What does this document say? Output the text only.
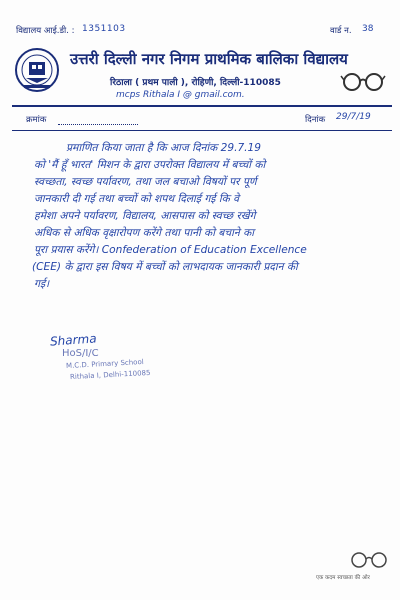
विद्यालय आई.डी. : 1351103	वार्ड न. 38
उत्तरी दिल्ली नगर निगम प्राथमिक बालिका विद्यालय
रिठाला ( प्रथम पाली ), रोहिणी, दिल्ली-110085
mcps Rithala I @ gmail.com.
क्रमांक	दिनांक 29/7/19
प्रमाणित किया जाता है कि आज दिनांक 29.7.19
को 'मैं हूँ भारत' मिशन के द्वारा उपरोक्त विद्यालय में बच्चों को
स्वच्छता, स्वच्छ पर्यावरण, तथा जल बचाओ विषयों पर पूर्ण
जानकारी दी गई तथा बच्चों को शपथ दिलाई गई कि वे
हमेशा अपने पर्यावरण, विद्यालय, आसपास को स्वच्छ रखेंगे
अधिक से अधिक वृक्षारोपण करेंगे तथा पानी को बचाने का
पूरा प्रयास करेंगे। Confederation of Education Excellence
(CEE) के द्वारा इस विषय में बच्चों को लाभदायक जानकारी प्रदान की
गई।
Sharma
HoS/I/C
M.C.D. Primary School
Rithala I, Delhi-110085
एक कदम स्वच्छता की ओर
